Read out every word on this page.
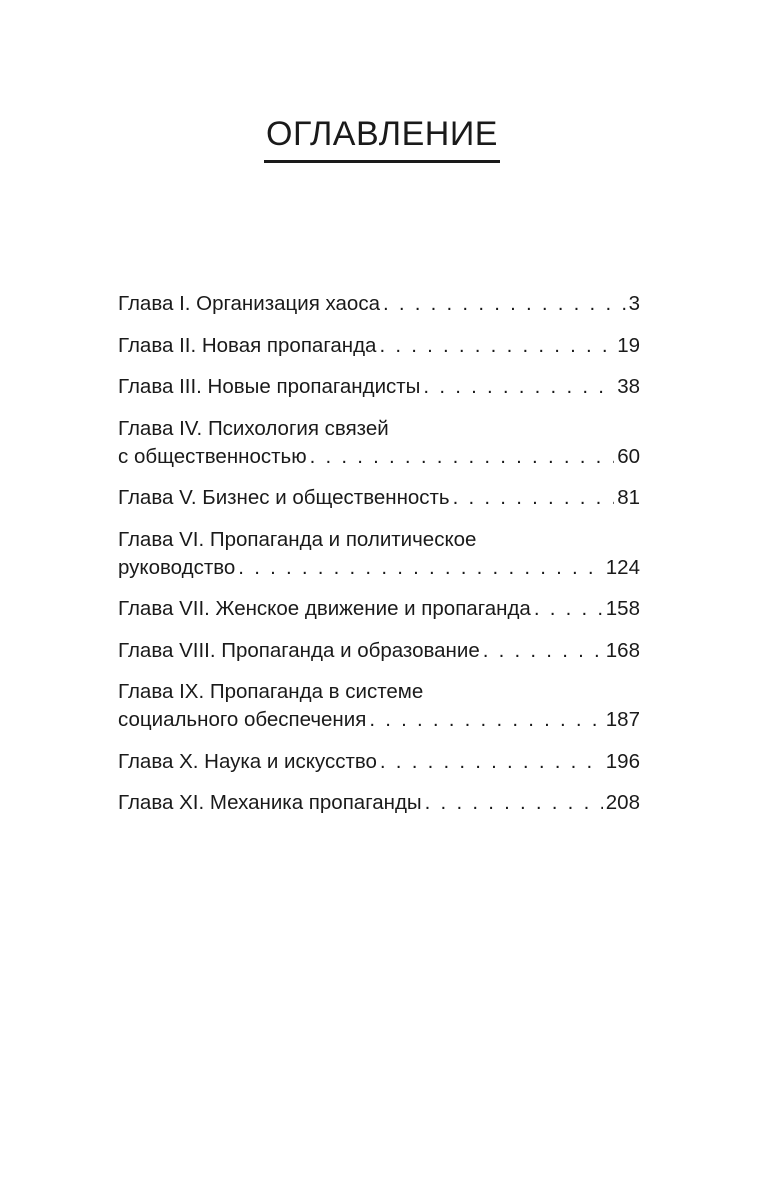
ОГЛАВЛЕНИЕ
Глава I. Организация хаоса . . .	3
Глава II. Новая пропаганда . . .	19
Глава III. Новые пропагандисты . . .	38
Глава IV. Психология связей
с общественностью . . .	60
Глава V. Бизнес и общественность . . .	81
Глава VI. Пропаганда и политическое
руководство . . .	124
Глава VII. Женское движение и пропаганда . . .	158
Глава VIII. Пропаганда и образование . . .	168
Глава IX. Пропаганда в системе
социального обеспечения . . .	187
Глава X. Наука и искусство . . .	196
Глава XI. Механика пропаганды . . .	208
